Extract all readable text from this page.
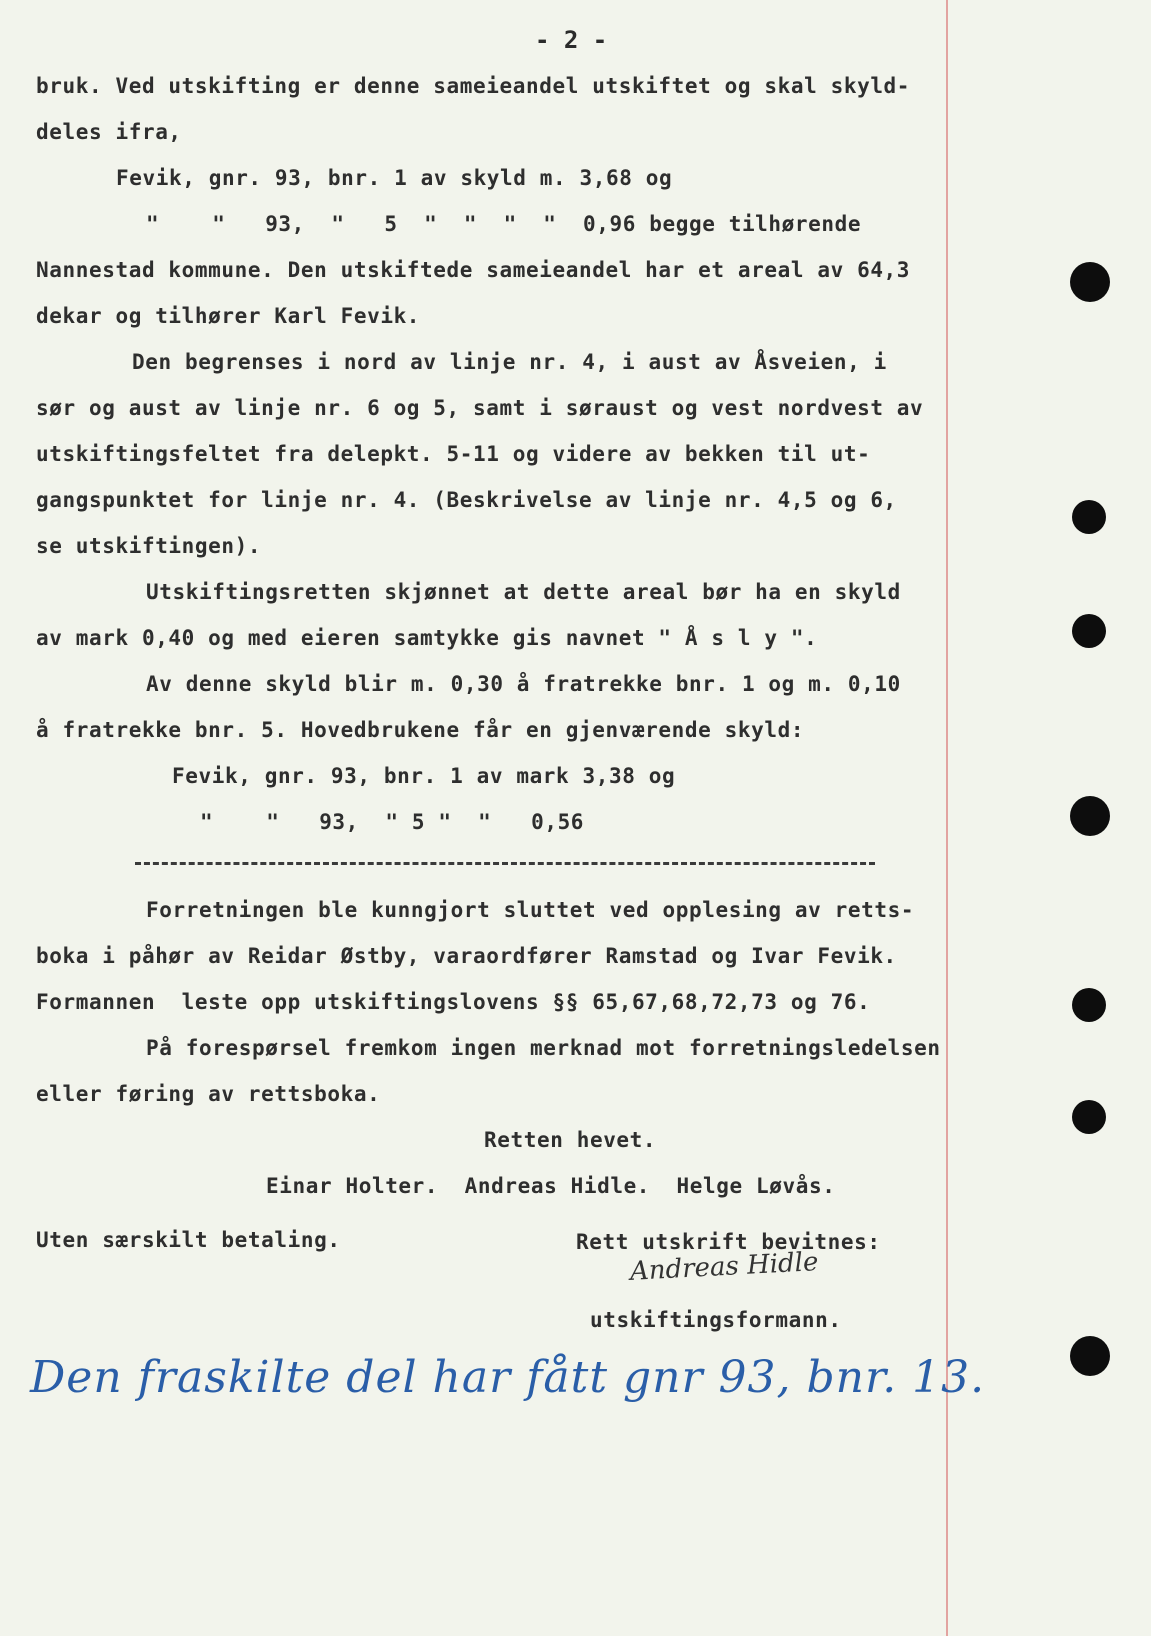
- 2 -
bruk. Ved utskifting er denne sameieandel utskiftet og skal skyld-
deles ifra,
Fevik, gnr. 93, bnr. 1 av skyld m. 3,68 og
"    "   93,  "   5  "  "  "  "  0,96 begge tilhørende
Nannestad kommune. Den utskiftede sameieandel har et areal av 64,3
dekar og tilhører Karl Fevik.
Den begrenses i nord av linje nr. 4, i aust av Åsveien, i
sør og aust av linje nr. 6 og 5, samt i søraust og vest nordvest av
utskiftingsfeltet fra delepkt. 5-11 og videre av bekken til ut-
gangspunktet for linje nr. 4. (Beskrivelse av linje nr. 4,5 og 6,
se utskiftingen).
Utskiftingsretten skjønnet at dette areal bør ha en skyld
av mark 0,40 og med eieren samtykke gis navnet " Å s l y ".
Av denne skyld blir m. 0,30 å fratrekke bnr. 1 og m. 0,10
å fratrekke bnr. 5. Hovedbrukene får en gjenværende skyld:
Fevik, gnr. 93, bnr. 1 av mark 3,38 og
"    "   93,  " 5 "  "   0,56
Forretningen ble kunngjort sluttet ved opplesing av retts-
boka i påhør av Reidar Østby, varaordfører Ramstad og Ivar Fevik.
Formannen  leste opp utskiftingslovens §§ 65,67,68,72,73 og 76.
På forespørsel fremkom ingen merknad mot forretningsledelsen
eller føring av rettsboka.
Retten hevet.
Einar Holter.  Andreas Hidle.  Helge Løvås.
Uten særskilt betaling.	Rett utskrift bevitnes:
Andreas Hidle
utskiftingsformann.
Den fraskilte del har fått gnr 93, bnr. 13.
